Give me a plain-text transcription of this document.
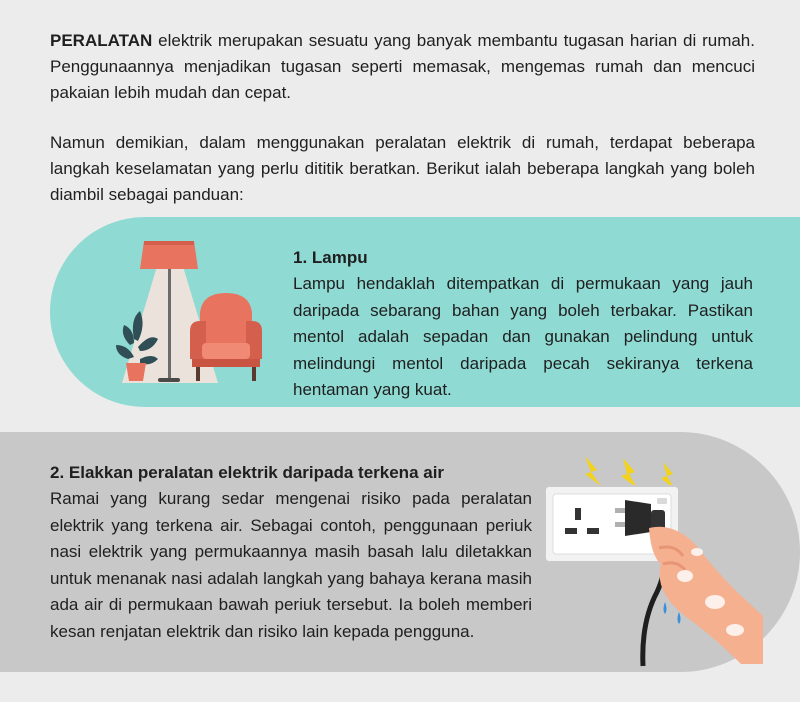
PERALATAN elektrik merupakan sesuatu yang banyak membantu tugasan harian di rumah. Penggunaannya menjadikan tugasan seperti memasak, mengemas rumah dan mencuci pakaian lebih mudah dan cepat.

Namun demikian, dalam menggunakan peralatan elektrik di rumah, terdapat beberapa langkah keselamatan yang perlu dititik beratkan. Berikut ialah beberapa langkah yang boleh diambil sebagai panduan:

1. Lampu

Lampu hendaklah ditempatkan di permukaan yang jauh daripada sebarang bahan yang boleh terbakar. Pastikan mentol adalah sepadan dan gunakan pelindung untuk melindungi mentol daripada pecah sekiranya terkena hentaman yang kuat.

2. Elakkan peralatan elektrik daripada terkena air

Ramai yang kurang sedar mengenai risiko pada peralatan elektrik yang terkena air. Sebagai contoh, penggunaan periuk nasi elektrik yang permukaannya masih basah lalu diletakkan untuk menanak nasi adalah langkah yang bahaya kerana masih ada air di permukaan bawah periuk tersebut. Ia boleh memberi kesan renjatan elektrik dan risiko lain kepada pengguna.
